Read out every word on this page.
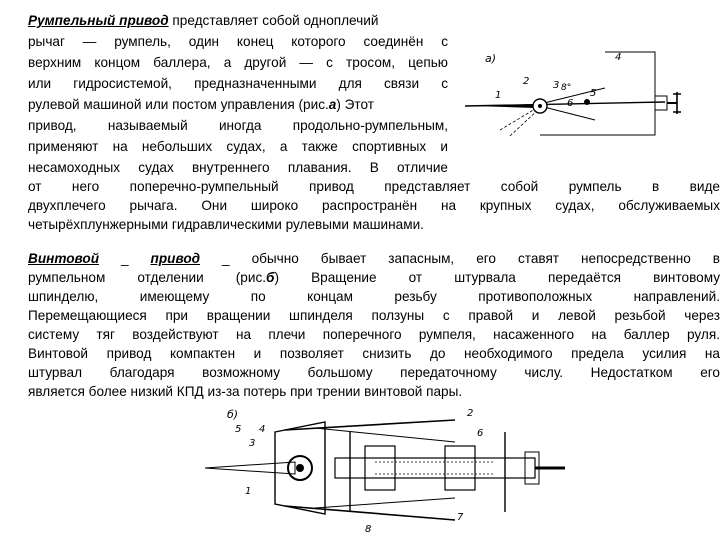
Румпельный привод представляет собой одноплечий
рычаг — румпель, один конец которого соединён с
верхним концом баллера, а другой — с тросом, цепью
или гидросистемой, предназначенными для связи с
рулевой машиной или постом управления (рис.а) Этот
привод, называемый иногда продольно-румпельным,
применяют на небольших судах, а также спортивных и
несамоходных судах внутреннего плавания. В отличие
от него поперечно-румпельный привод представляет собой румпель в виде
двухплечего рычага. Они широко распространён на крупных судах, обслуживаемых
четырёхплунжерными гидравлическими рулевыми машинами.
Винтовой _ привод _ обычно бывает запасным, его ставят непосредственно в
румпельном отделении (рис.б) Вращение от штурвала передаётся винтовому
шпинделю, имеющему по концам резьбу противоположных направлений.
Перемещающиеся при вращении шпинделя ползуны с правой и левой резьбой через
систему тяг воздействуют на плечи поперечного румпеля, насаженного на баллер руля.
Винтовой привод компактен и позволяет снизить до необходимого предела усилия на
штурвал благодаря возможному большому передаточному числу. Недостатком его
является более низкий КПД из-за потерь при трении винтовой пары.
а)
1
2 3
4
5
6
8°
б)
1
2
3
4
5	6
7
8
